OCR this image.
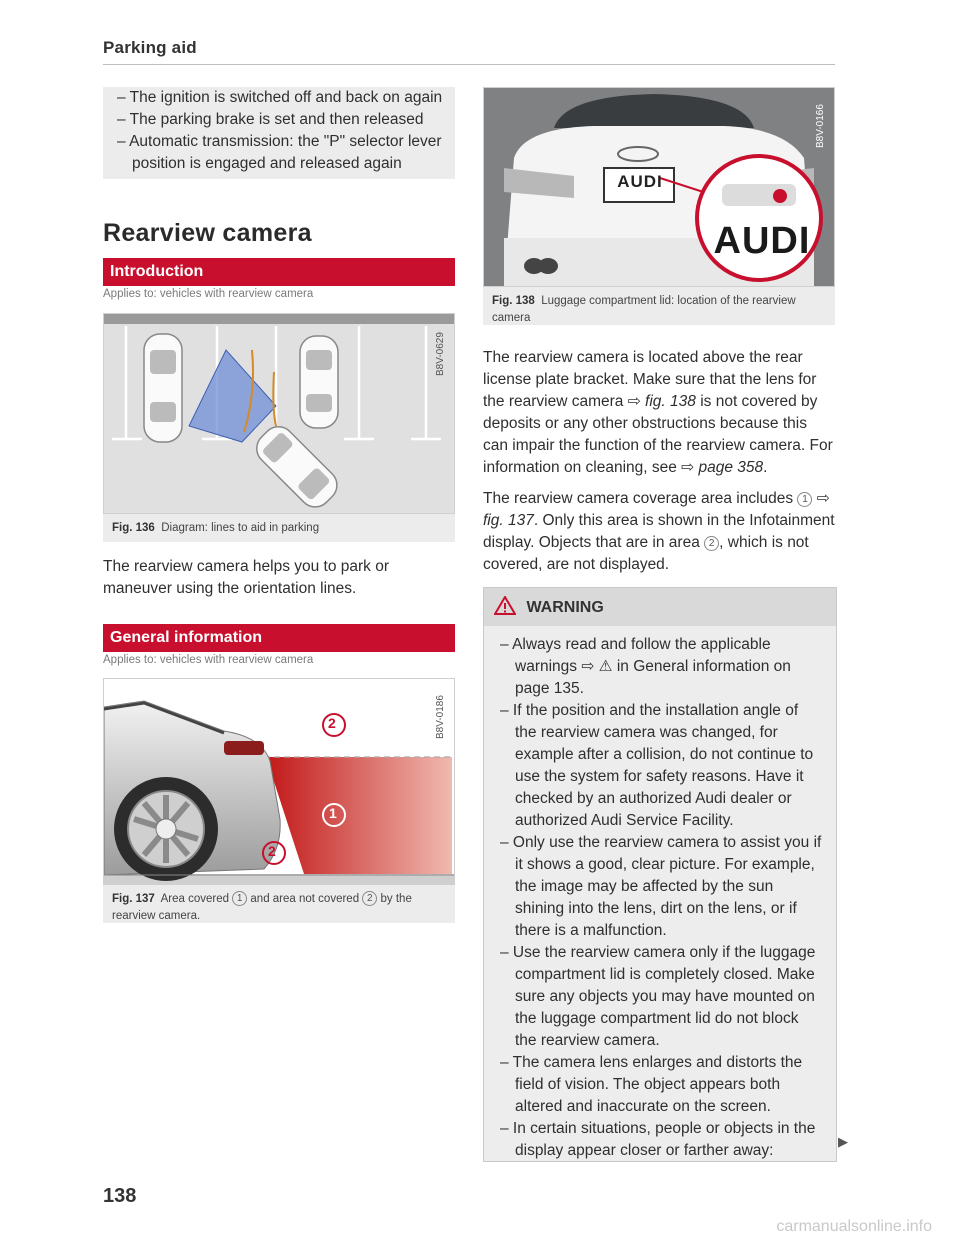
Parking aid
– The ignition is switched off and back on again
– The parking brake is set and then released
– Automatic transmission: the "P" selector lever position is engaged and released again
Rearview camera
Introduction
Applies to: vehicles with rearview camera
B8V-0629
Fig. 136 Diagram: lines to aid in parking
The rearview camera helps you to park or maneuver using the orientation lines.
General information
Applies to: vehicles with rearview camera
2
1
2
B8V-0186
Fig. 137 Area covered 1 and area not covered 2 by the rearview camera.
AUDI
AUDI
B8V-0166
Fig. 138 Luggage compartment lid: location of the rearview camera
The rearview camera is located above the rear license plate bracket. Make sure that the lens for the rearview camera ⇨ fig. 138 is not covered by deposits or any other obstructions because this can impair the function of the rearview camera. For information on cleaning, see ⇨ page 358.
The rearview camera coverage area includes 1 ⇨ fig. 137. Only this area is shown in the Infotainment display. Objects that are in area 2 , which is not covered, are not displayed.
WARNING
– Always read and follow the applicable warnings ⇨ ⚠ in General information on page 135.
– If the position and the installation angle of the rearview camera was changed, for example after a collision, do not continue to use the system for safety reasons. Have it checked by an authorized Audi dealer or authorized Audi Service Facility.
– Only use the rearview camera to assist you if it shows a good, clear picture. For example, the image may be affected by the sun shining into the lens, dirt on the lens, or if there is a malfunction.
– Use the rearview camera only if the luggage compartment lid is completely closed. Make sure any objects you may have mounted on the luggage compartment lid do not block the rearview camera.
– The camera lens enlarges and distorts the field of vision. The object appears both altered and inaccurate on the screen.
– In certain situations, people or objects in the display appear closer or farther away:
▶
138
carmanualsonline.info
